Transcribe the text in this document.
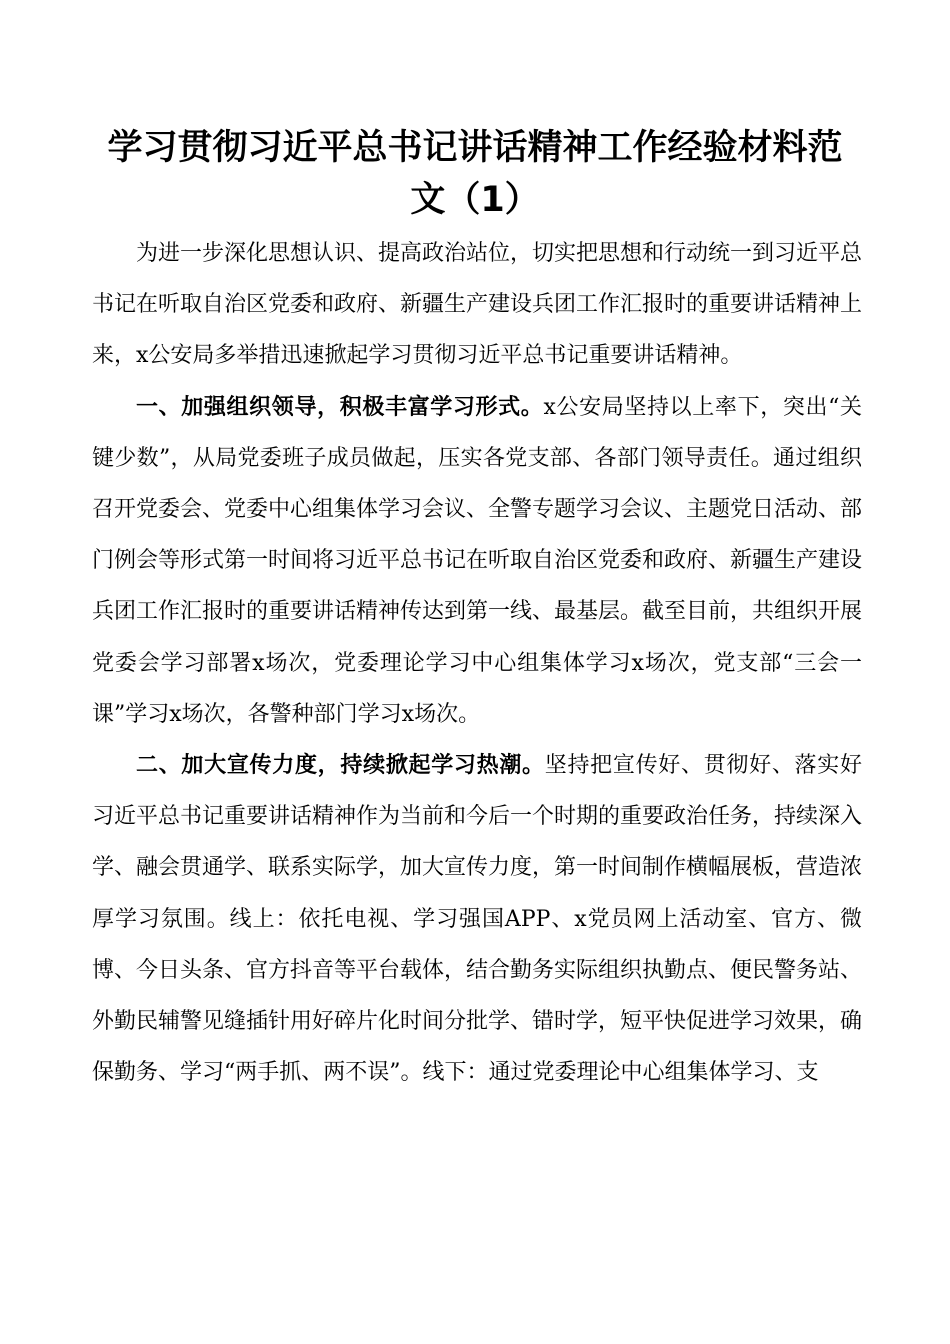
学习贯彻习近平总书记讲话精神工作经验材料范
文（1）

为进一步深化思想认识、提高政治站位，切实把思想和行动统一到习近平总书记在听取自治区党委和政府、新疆生产建设兵团工作汇报时的重要讲话精神上来，x公安局多举措迅速掀起学习贯彻习近平总书记重要讲话精神。

一、加强组织领导，积极丰富学习形式。x公安局坚持以上率下，突出“关键少数”，从局党委班子成员做起，压实各党支部、各部门领导责任。通过组织召开党委会、党委中心组集体学习会议、全警专题学习会议、主题党日活动、部门例会等形式第一时间将习近平总书记在听取自治区党委和政府、新疆生产建设兵团工作汇报时的重要讲话精神传达到第一线、最基层。截至目前，共组织开展党委会学习部署x场次，党委理论学习中心组集体学习x场次，党支部“三会一课”学习x场次，各警种部门学习x场次。

二、加大宣传力度，持续掀起学习热潮。坚持把宣传好、贯彻好、落实好习近平总书记重要讲话精神作为当前和今后一个时期的重要政治任务，持续深入学、融会贯通学、联系实际学，加大宣传力度，第一时间制作横幅展板，营造浓厚学习氛围。线上：依托电视、学习强国APP、x党员网上活动室、官方、微博、今日头条、官方抖音等平台载体，结合勤务实际组织执勤点、便民警务站、外勤民辅警见缝插针用好碎片化时间分批学、错时学，短平快促进学习效果，确保勤务、学习“两手抓、两不误”。线下：通过党委理论中心组集体学习、支
